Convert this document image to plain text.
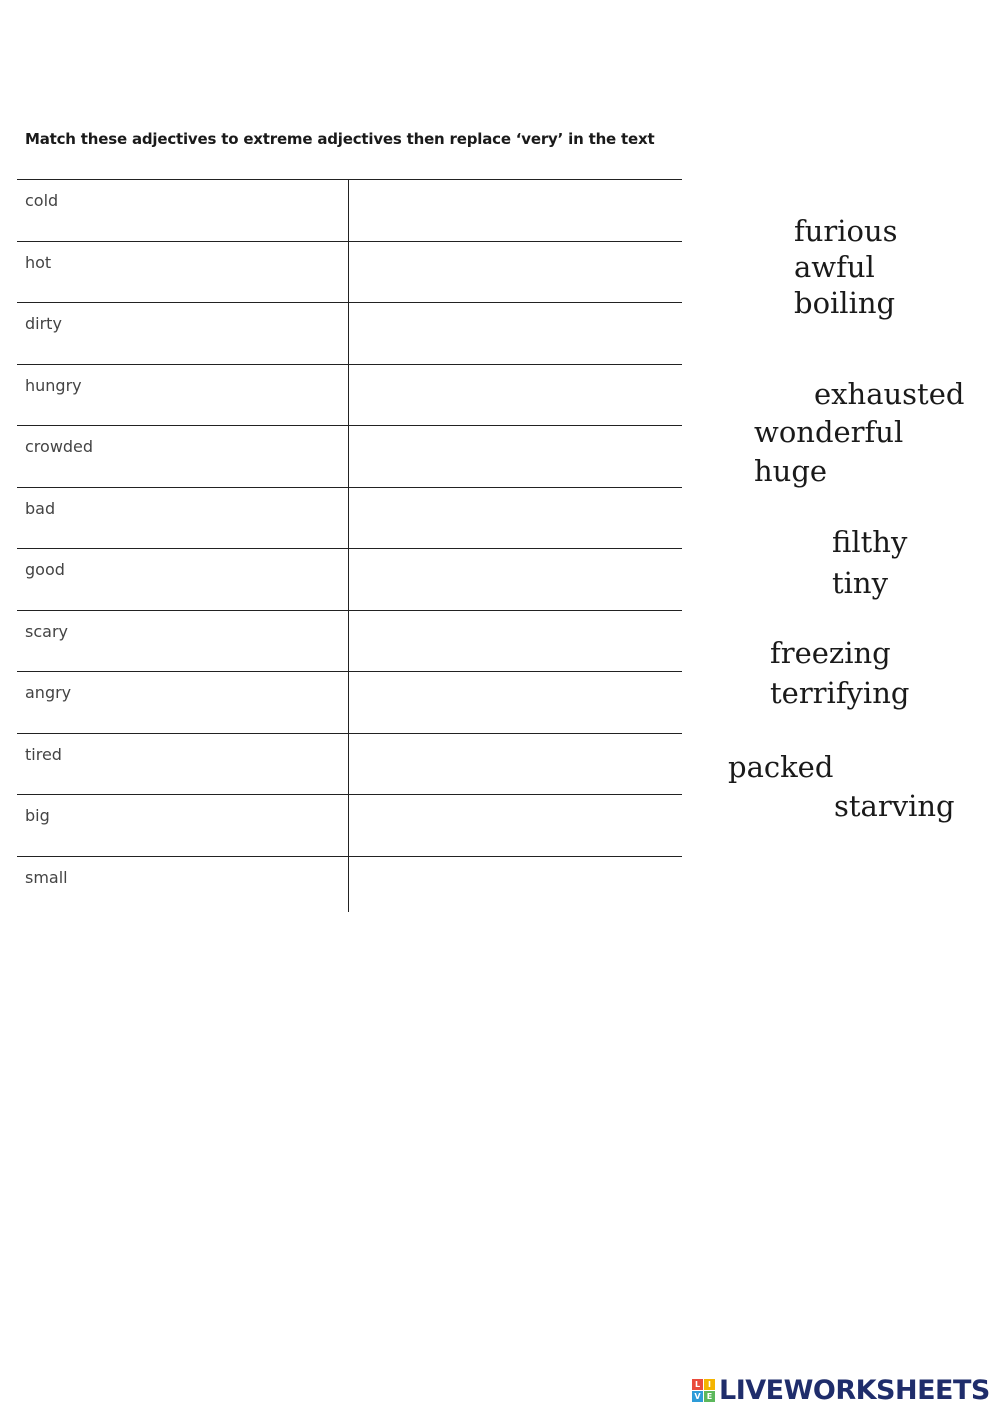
Match these adjectives to extreme adjectives then replace ‘very’ in the text
cold
hot
dirty
hungry
crowded
bad
good
scary
angry
tired
big
small
furious
awful
boiling
exhausted
wonderful
huge
filthy
tiny
freezing
terrifying
packed
starving
L I
V E LIVEWORKSHEETS
